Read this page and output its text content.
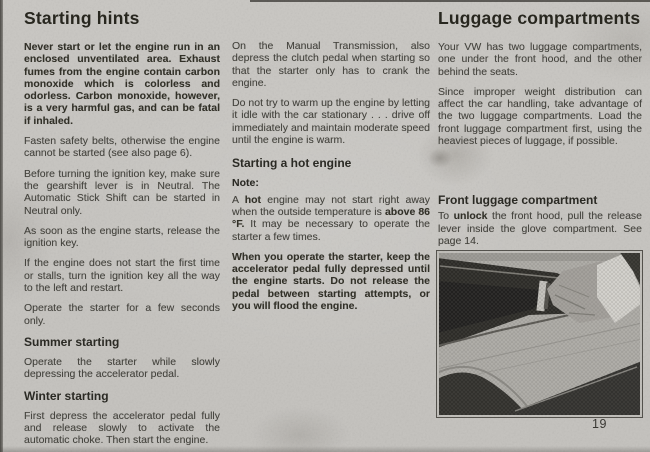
Starting hints

Never start or let the engine run in an enclosed unventilated area. Exhaust fumes from the engine contain carbon monoxide which is colorless and odorless. Carbon monoxide, however, is a very harmful gas, and can be fatal if inhaled.

Fasten safety belts, otherwise the engine cannot be started (see also page 6).

Before turning the ignition key, make sure the gearshift lever is in Neutral. The Automatic Stick Shift can be started in Neutral only.

As soon as the engine starts, release the ignition key.

If the engine does not start the first time or stalls, turn the ignition key all the way to the left and restart.

Operate the starter for a few seconds only.

Summer starting

Operate the starter while slowly depressing the accelerator pedal.

Winter starting

First depress the accelerator pedal fully and release slowly to activate the automatic choke. Then start the engine.

On the Manual Transmission, also depress the clutch pedal when starting so that the starter only has to crank the engine.

Do not try to warm up the engine by letting it idle with the car stationary . . . drive off immediately and maintain moderate speed until the engine is warm.

Starting a hot engine

Note:

A hot engine may not start right away when the outside temperature is above 86 °F. It may be necessary to operate the starter a few times.

When you operate the starter, keep the accelerator pedal fully depressed until the engine starts. Do not release the pedal between starting attempts, or you will flood the engine.

Luggage compartments

Your VW has two luggage compartments, one under the front hood, and the other behind the seats.

Since improper weight distribution can affect the car handling, take advantage of the two luggage compartments. Load the front luggage compartment first, using the heaviest pieces of luggage, if possible.

Front luggage compartment

To unlock the front hood, pull the release lever inside the glove compartment. See page 14.

19
